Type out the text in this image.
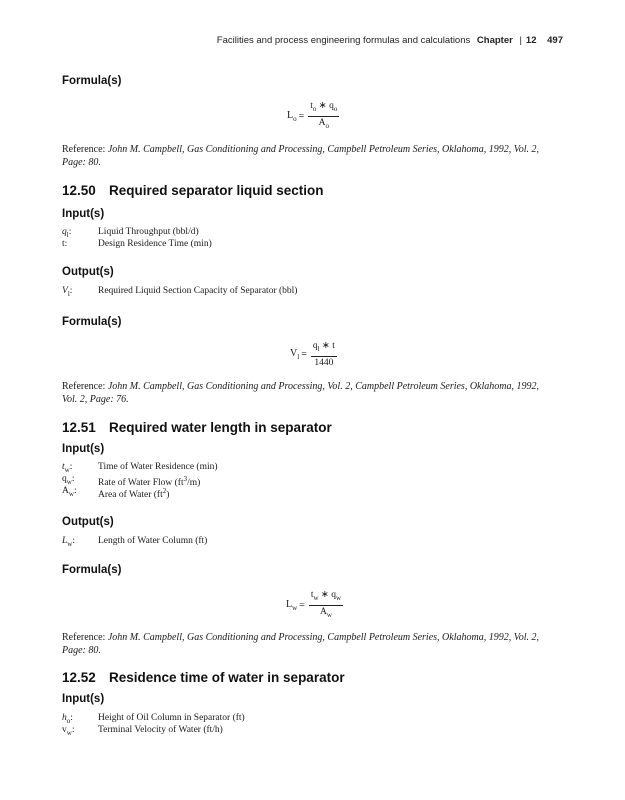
Facilities and process engineering formulas and calculations Chapter | 12 497
Formula(s)
$L_o = \frac{t_o ∗ q_o}{A_o}$
Reference: John M. Campbell, Gas Conditioning and Processing, Campbell Petroleum Series, Oklahoma, 1992, Vol. 2,
Page: 80.
12.50 Required separator liquid section
Input(s)
$q_l$:	Liquid Throughput (bbl/d)
t:	Design Residence Time (min)
Output(s)
$V_l$:	Required Liquid Section Capacity of Separator (bbl)
Formula(s)
$V_l = \frac{q_l ∗ t}{1440}$
Reference: John M. Campbell, Gas Conditioning and Processing, Vol. 2, Campbell Petroleum Series, Oklahoma, 1992,
Vol. 2, Page: 76.
12.51 Required water length in separator
Input(s)
$t_w$:	Time of Water Residence (min)
$q_w$:	Rate of Water Flow $(ft^3/m)$
$A_w$:	Area of Water $(ft^2)$
Output(s)
$L_w$:	Length of Water Column (ft)
Formula(s)
$L_w = \frac{t_w ∗ q_w}{A_w}$
Reference: John M. Campbell, Gas Conditioning and Processing, Campbell Petroleum Series, Oklahoma, 1992, Vol. 2,
Page: 80.
12.52 Residence time of water in separator
Input(s)
$h_o$:	Height of Oil Column in Separator (ft)
$v_w$:	Terminal Velocity of Water (ft/h)
